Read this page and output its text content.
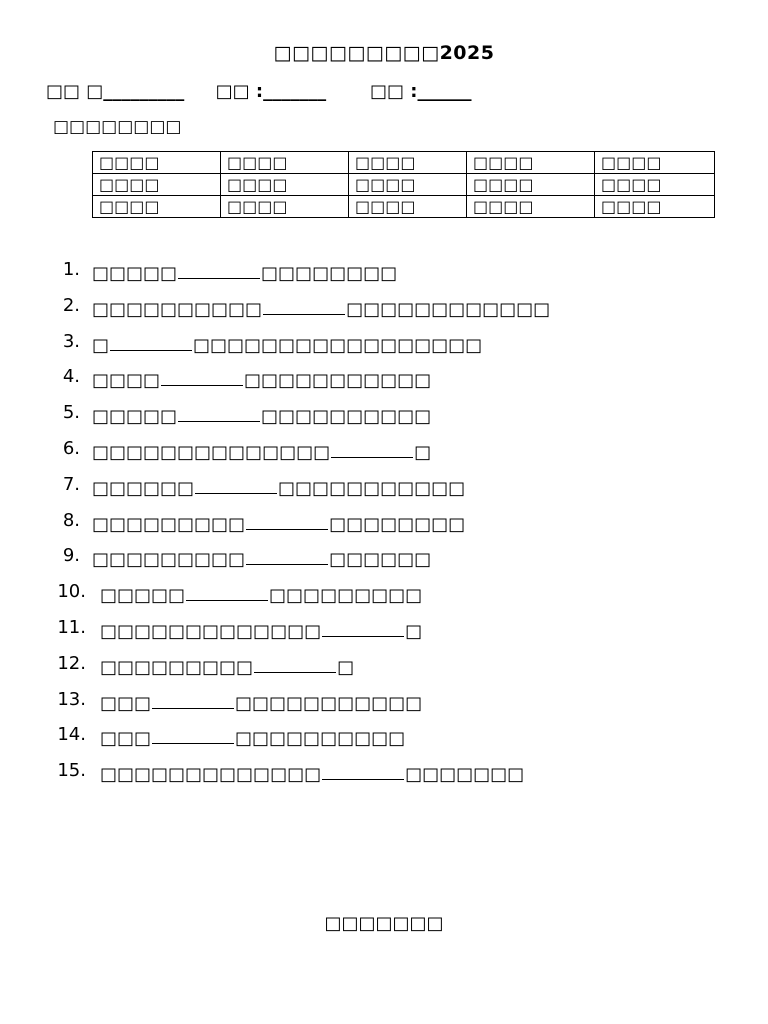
□□□□□□□□□2025
□□ □_________ □□ :_______ □□ :______
□□□□□□□□
□□□□	□□□□	□□□□	□□□□	□□□□
□□□□	□□□□	□□□□	□□□□	□□□□
□□□□	□□□□	□□□□	□□□□	□□□□
1. □□□□□	□□□□□□□□
2. □□□□□□□□□□	□□□□□□□□□□□□
3. □	□□□□□□□□□□□□□□□□□
4. □□□□	□□□□□□□□□□□
5. □□□□□	□□□□□□□□□□
6. □□□□□□□□□□□□□□	□
7. □□□□□□	□□□□□□□□□□□
8. □□□□□□□□□	□□□□□□□□
9. □□□□□□□□□	□□□□□□
10. □□□□□	□□□□□□□□□
11. □□□□□□□□□□□□□	□
12. □□□□□□□□□	□
13. □□□	□□□□□□□□□□□
14. □□□	□□□□□□□□□□
15. □□□□□□□□□□□□□	□□□□□□□
□□□□□□□
